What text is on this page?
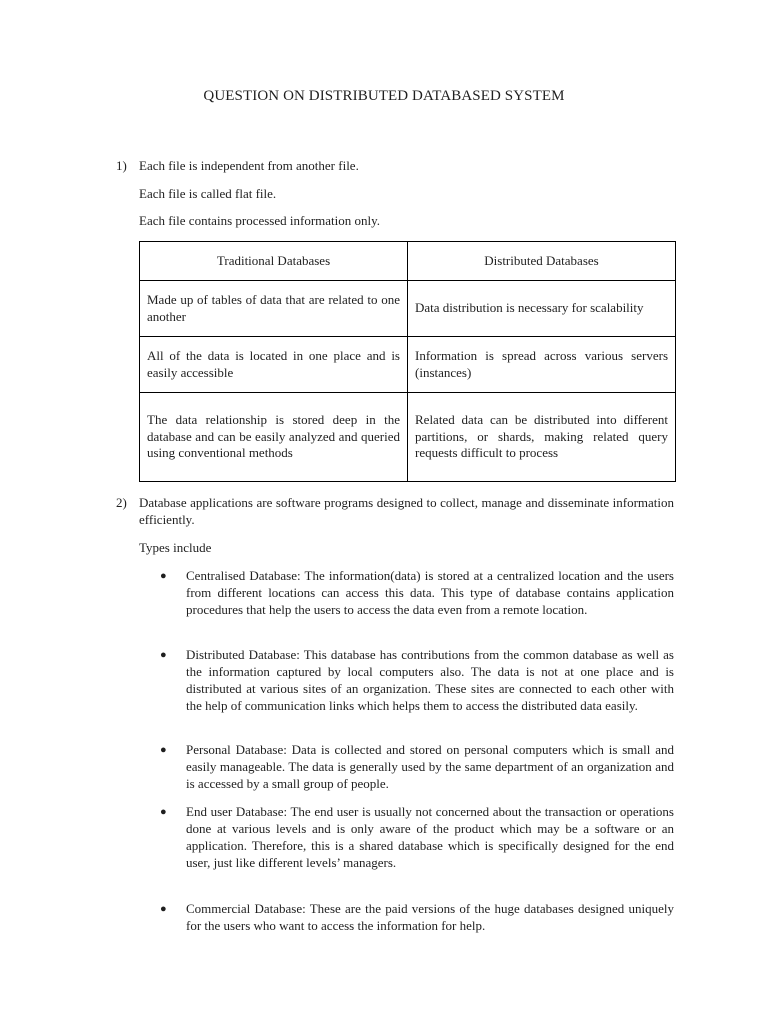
QUESTION ON DISTRIBUTED DATABASED SYSTEM
1) Each file is independent from another file.
Each file is called flat file.
Each file contains processed information only.
Traditional Databases	Distributed Databases
Made up of tables of data that are related to one another	Data distribution is necessary for scalability
All of the data is located in one place and is easily accessible	Information is spread across various servers (instances)
The data relationship is stored deep in the database and can be easily analyzed and queried using conventional methods	Related data can be distributed into different partitions, or shards, making related query requests difficult to process
2) Database applications are software programs designed to collect, manage and disseminate information efficiently.
Types include
● Centralised Database: The information(data) is stored at a centralized location and the users from different locations can access this data. This type of database contains application procedures that help the users to access the data even from a remote location.
● Distributed Database: This database has contributions from the common database as well as the information captured by local computers also. The data is not at one place and is distributed at various sites of an organization. These sites are connected to each other with the help of communication links which helps them to access the distributed data easily.
● Personal Database: Data is collected and stored on personal computers which is small and easily manageable. The data is generally used by the same department of an organization and is accessed by a small group of people.
● End user Database: The end user is usually not concerned about the transaction or operations done at various levels and is only aware of the product which may be a software or an application. Therefore, this is a shared database which is specifically designed for the end user, just like different levels’ managers.
● Commercial Database: These are the paid versions of the huge databases designed uniquely for the users who want to access the information for help.
